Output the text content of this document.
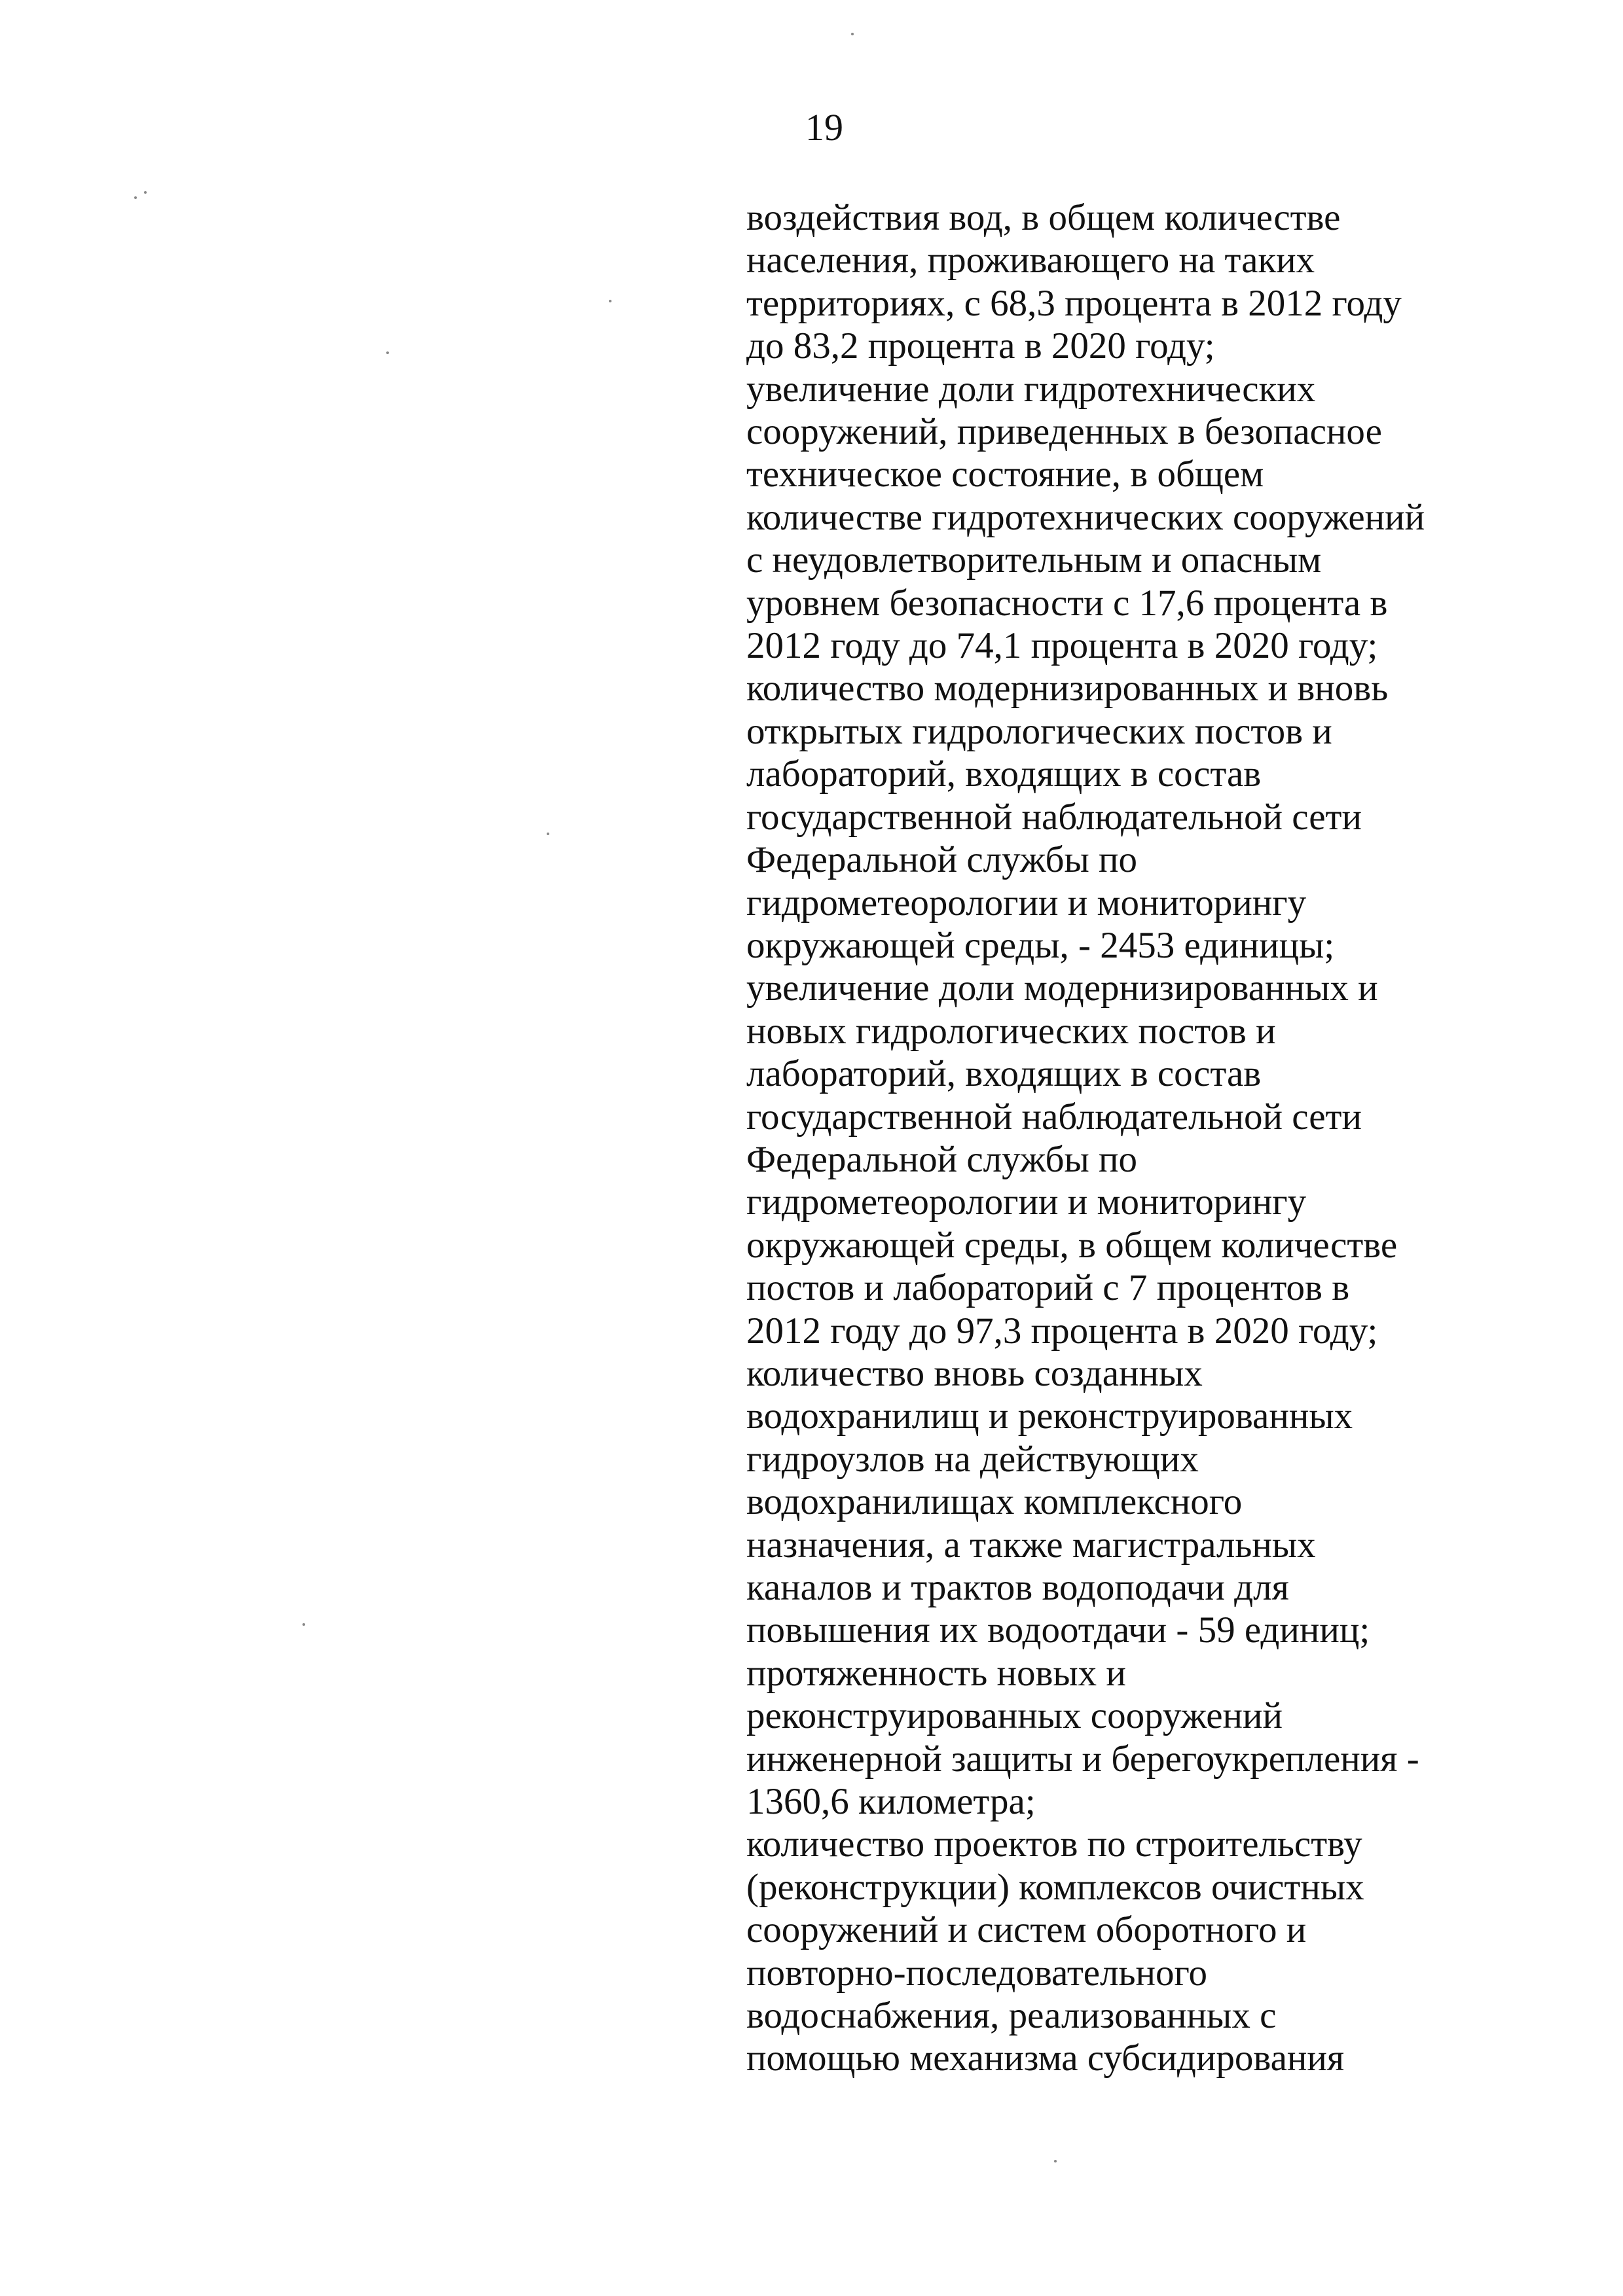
19
воздействия вод, в общем количестве
населения, проживающего на таких
территориях, с 68,3 процента в 2012 году
до 83,2 процента в 2020 году;
увеличение доли гидротехнических
сооружений, приведенных в безопасное
техническое состояние, в общем
количестве гидротехнических сооружений
с неудовлетворительным и опасным
уровнем безопасности с 17,6 процента в
2012 году до 74,1 процента в 2020 году;
количество модернизированных и вновь
открытых гидрологических постов и
лабораторий, входящих в состав
государственной наблюдательной сети
Федеральной службы по
гидрометеорологии и мониторингу
окружающей среды, - 2453 единицы;
увеличение доли модернизированных и
новых гидрологических постов и
лабораторий, входящих в состав
государственной наблюдательной сети
Федеральной службы по
гидрометеорологии и мониторингу
окружающей среды, в общем количестве
постов и лабораторий с 7 процентов в
2012 году до 97,3 процента в 2020 году;
количество вновь созданных
водохранилищ и реконструированных
гидроузлов на действующих
водохранилищах комплексного
назначения, а также магистральных
каналов и трактов водоподачи для
повышения их водоотдачи - 59 единиц;
протяженность новых и
реконструированных сооружений
инженерной защиты и берегоукрепления -
1360,6 километра;
количество проектов по строительству
(реконструкции) комплексов очистных
сооружений и систем оборотного и
повторно-последовательного
водоснабжения, реализованных с
помощью механизма субсидирования
